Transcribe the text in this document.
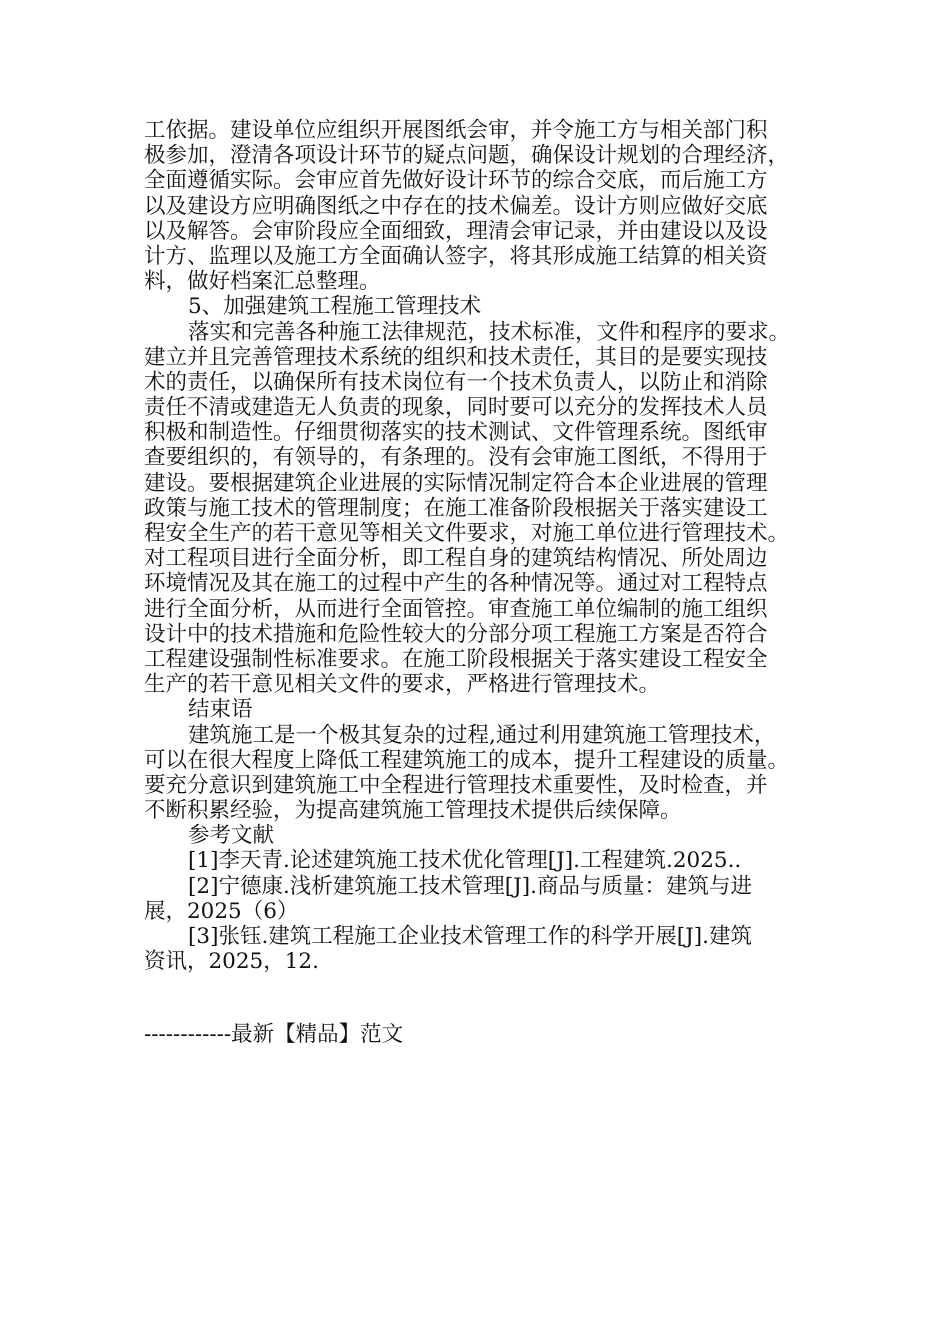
工依据。建设单位应组织开展图纸会审，并令施工方与相关部门积
极参加，澄清各项设计环节的疑点问题，确保设计规划的合理经济，
全面遵循实际。会审应首先做好设计环节的综合交底，而后施工方
以及建设方应明确图纸之中存在的技术偏差。设计方则应做好交底
以及解答。会审阶段应全面细致，理清会审记录，并由建设以及设
计方、监理以及施工方全面确认签字，将其形成施工结算的相关资
料，做好档案汇总整理。
5、加强建筑工程施工管理技术
落实和完善各种施工法律规范，技术标准，文件和程序的要求。
建立并且完善管理技术系统的组织和技术责任，其目的是要实现技
术的责任，以确保所有技术岗位有一个技术负责人，以防止和消除
责任不清或建造无人负责的现象，同时要可以充分的发挥技术人员
积极和制造性。仔细贯彻落实的技术测试、文件管理系统。图纸审
查要组织的，有领导的，有条理的。没有会审施工图纸，不得用于
建设。要根据建筑企业进展的实际情况制定符合本企业进展的管理
政策与施工技术的管理制度；在施工准备阶段根据关于落实建设工
程安全生产的若干意见等相关文件要求，对施工单位进行管理技术。
对工程项目进行全面分析，即工程自身的建筑结构情况、所处周边
环境情况及其在施工的过程中产生的各种情况等。通过对工程特点
进行全面分析，从而进行全面管控。审查施工单位编制的施工组织
设计中的技术措施和危险性较大的分部分项工程施工方案是否符合
工程建设强制性标准要求。在施工阶段根据关于落实建设工程安全
生产的若干意见相关文件的要求，严格进行管理技术。
结束语
建筑施工是一个极其复杂的过程,通过利用建筑施工管理技术，
可以在很大程度上降低工程建筑施工的成本，提升工程建设的质量。
要充分意识到建筑施工中全程进行管理技术重要性，及时检查，并
不断积累经验，为提高建筑施工管理技术提供后续保障。
参考文献
[1]李天青.论述建筑施工技术优化管理[J].工程建筑.2025..
[2]宁德康.浅析建筑施工技术管理[J].商品与质量：建筑与进
展，2025（6）
[3]张钰.建筑工程施工企业技术管理工作的科学开展[J].建筑
资讯，2025，12.
------------最新【精品】范文
